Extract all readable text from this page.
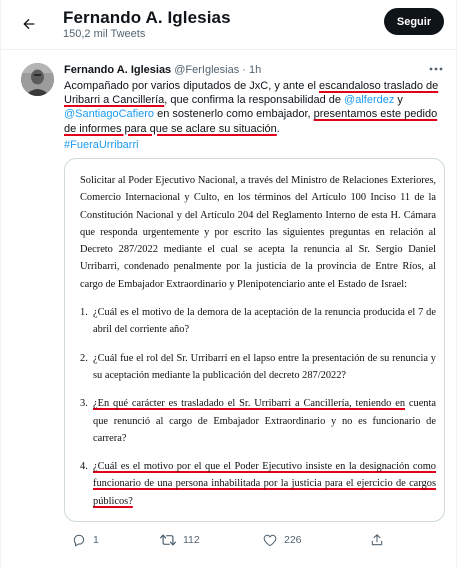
Fernando A. Iglesias
150,2 mil Tweets
Seguir
Fernando A. Iglesias @FerIglesias · 1h
Acompañado por varios diputados de JxC, y ante el escandaloso traslado de Uribarri a Cancillería, que confirma la responsabilidad de @alferdez y @SantiagoCafiero en sostenerlo como embajador, presentamos este pedido de informes para que se aclare su situación.
#FueraUrribarri

Solicitar al Poder Ejecutivo Nacional, a través del Ministro de Relaciones Exteriores, Comercio Internacional y Culto, en los términos del Artículo 100 Inciso 11 de la Constitución Nacional y del Artículo 204 del Reglamento Interno de esta H. Cámara que responda urgentemente y por escrito las siguientes preguntas en relación al Decreto 287/2022 mediante el cual se acepta la renuncia al Sr. Sergio Daniel Urribarri, condenado penalmente por la justicia de la provincia de Entre Ríos, al cargo de Embajador Extraordinario y Plenipotenciario ante el Estado de Israel:

1. ¿Cuál es el motivo de la demora de la aceptación de la renuncia producida el 7 de abril del corriente año?
2. ¿Cuál fue el rol del Sr. Urribarri en el lapso entre la presentación de su renuncia y su aceptación mediante la publicación del decreto 287/2022?
3. ¿En qué carácter es trasladado el Sr. Urribarri a Cancillería, teniendo en cuenta que renunció al cargo de Embajador Extraordinario y no es funcionario de carrera?
4. ¿Cuál es el motivo por el que el Poder Ejecutivo insiste en la designación como funcionario de una persona inhabilitada por la justicia para el ejercicio de cargos públicos?
1	112	226
